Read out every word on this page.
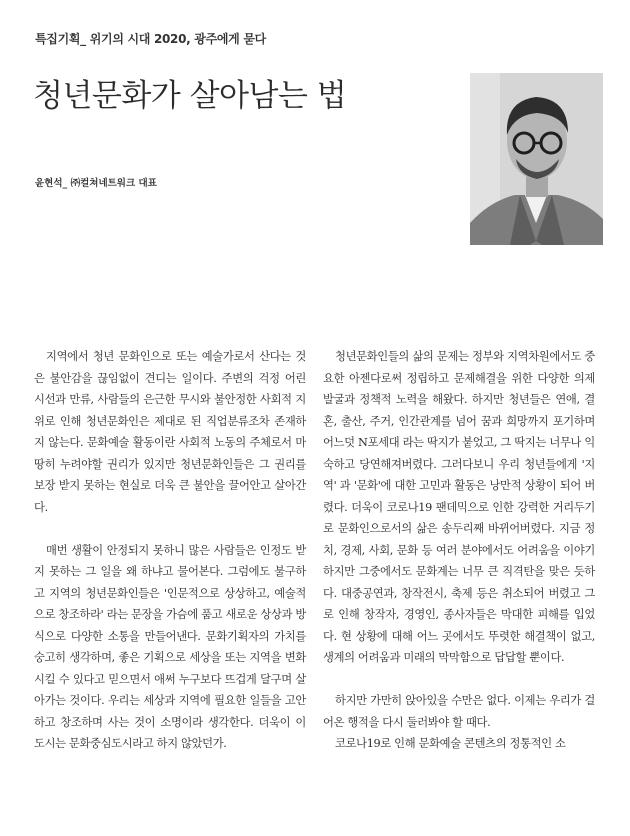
특집기획_ 위기의 시대 2020, 광주에게 묻다
청년문화가 살아남는 법
윤현석_ ㈜컬쳐네트워크 대표

지역에서 청년 문화인으로 또는 예술가로서 산다는 것은 불안감을 끊임없이 견디는 일이다. 주변의 걱정 어린 시선과 만류, 사람들의 은근한 무시와 불안정한 사회적 지위로 인해 청년문화인은 제대로 된 직업분류조차 존재하지 않는다. 문화예술 활동이란 사회적 노동의 주체로서 마땅히 누려야할 권리가 있지만 청년문화인들은 그 권리를 보장 받지 못하는 현실로 더욱 큰 불안을 끌어안고 살아간다.

매번 생활이 안정되지 못하니 많은 사람들은 인정도 받지 못하는 그 일을 왜 하냐고 물어본다. 그럼에도 불구하고 지역의 청년문화인들은 '인문적으로 상상하고, 예술적으로 창조하라' 라는 문장을 가슴에 품고 새로운 상상과 방식으로 다양한 소통을 만들어낸다. 문화기획자의 가치를 숭고히 생각하며, 좋은 기획으로 세상을 또는 지역을 변화시킬 수 있다고 믿으면서 애써 누구보다 뜨겁게 달구며 살아가는 것이다. 우리는 세상과 지역에 필요한 일들을 고안하고 창조하며 사는 것이 소명이라 생각한다. 더욱이 이 도시는 문화중심도시라고 하지 않았던가.

청년문화인들의 삶의 문제는 정부와 지역차원에서도 중요한 아젠다로써 정립하고 문제해결을 위한 다양한 의제 발굴과 정책적 노력을 해왔다. 하지만 청년들은 연애, 결혼, 출산, 주거, 인간관계를 넘어 꿈과 희망까지 포기하며 어느덧 N포세대 라는 딱지가 붙었고, 그 딱지는 너무나 익숙하고 당연해져버렸다. 그러다보니 우리 청년들에게 '지역' 과 '문화'에 대한 고민과 활동은 낭만적 상황이 되어 버렸다. 더욱이 코로나19 팬데믹으로 인한 강력한 거리두기로 문화인으로서의 삶은 송두리째 바뀌어버렸다. 지금 정치, 경제, 사회, 문화 등 여러 분야에서도 어려움을 이야기 하지만 그중에서도 문화계는 너무 큰 직격탄을 맞은 듯하다. 대중공연과, 창작전시, 축제 등은 취소되어 버렸고 그로 인해 창작자, 경영인, 종사자들은 막대한 피해를 입었다. 현 상황에 대해 어느 곳에서도 뚜렷한 해결책이 없고, 생계의 어려움과 미래의 막막함으로 답답할 뿐이다.

하지만 가만히 앉아있을 수만은 없다. 이제는 우리가 걸어온 행적을 다시 둘러봐야 할 때다.

코로나19로 인해 문화예술 콘텐츠의 정통적인 소
